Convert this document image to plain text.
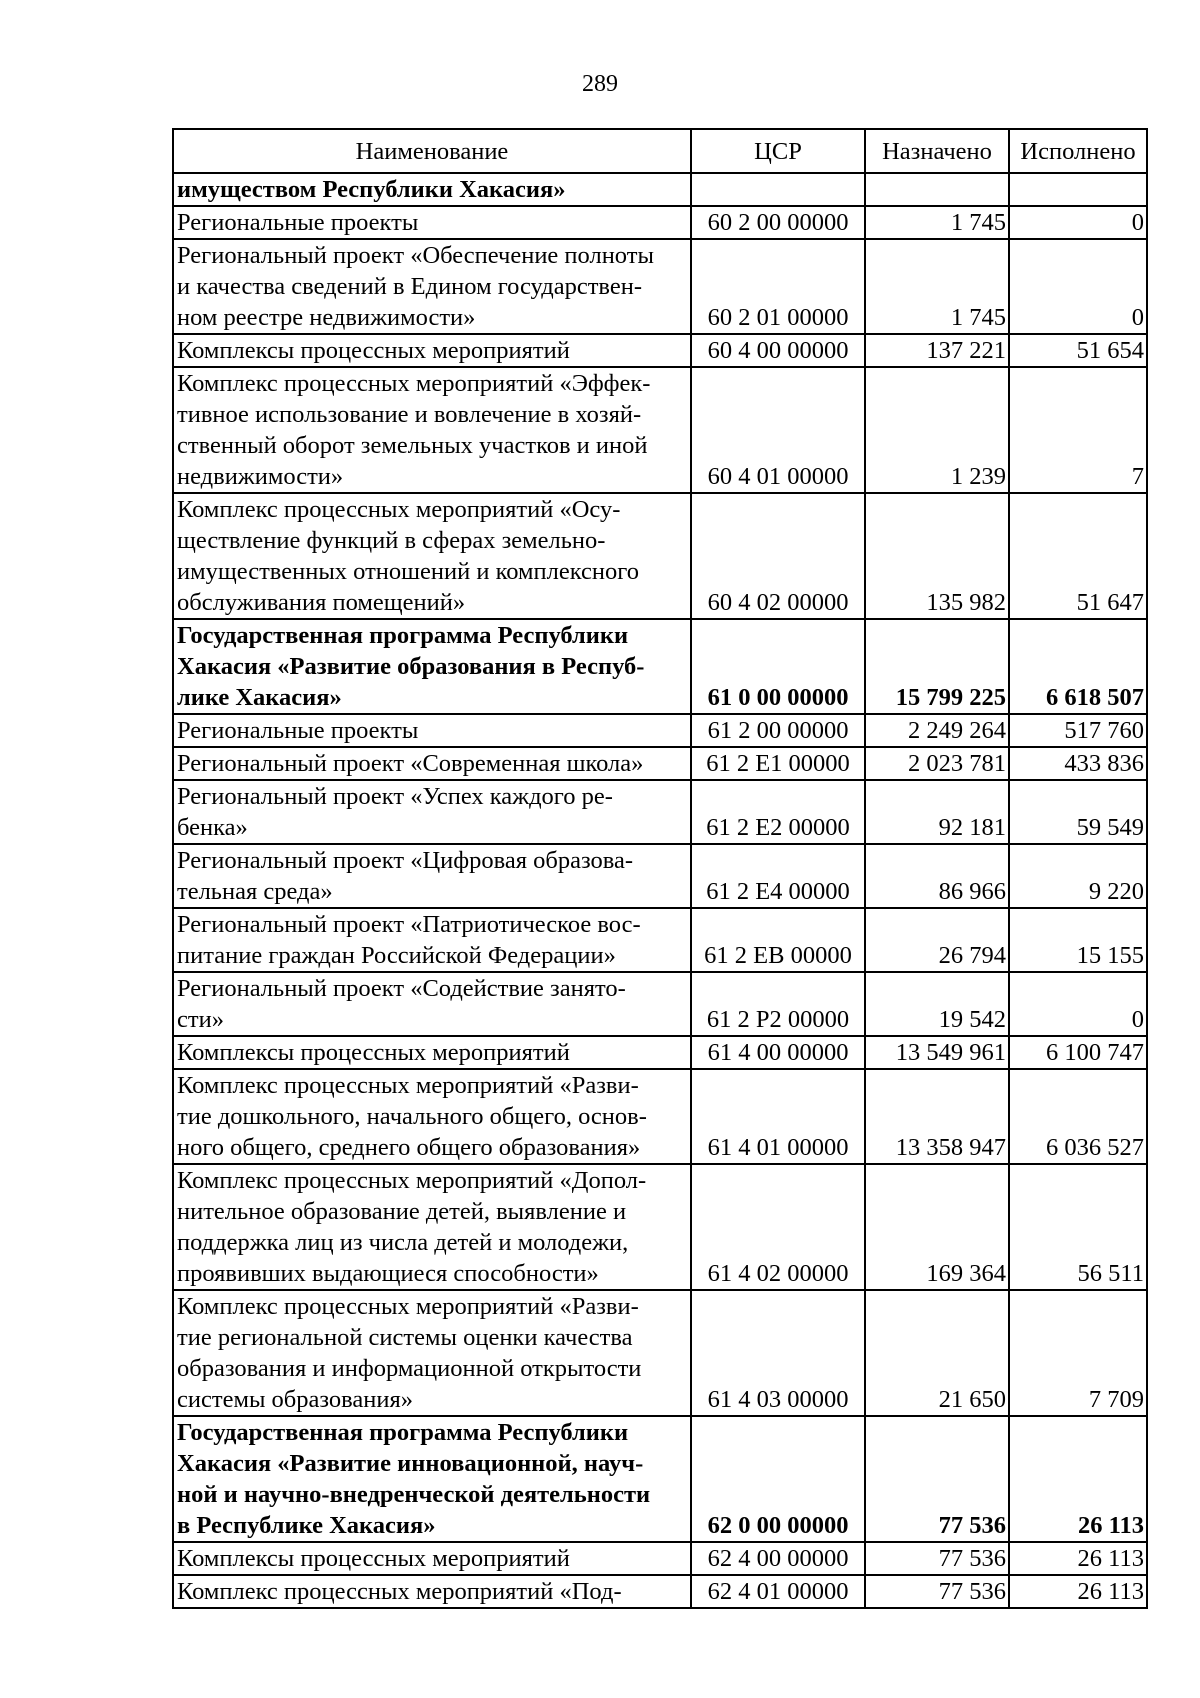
289
Наименование	ЦСР	Назначено	Исполнено
имуществом Республики Хакасия»			
Региональные проекты	60 2 00 00000	1 745	0
Региональный проект «Обеспечение полноты
и качества сведений в Едином государствен-
ном реестре недвижимости»	60 2 01 00000	1 745	0
Комплексы процессных мероприятий	60 4 00 00000	137 221	51 654
Комплекс процессных мероприятий «Эффек-
тивное использование и вовлечение в хозяй-
ственный оборот земельных участков и иной
недвижимости»	60 4 01 00000	1 239	7
Комплекс процессных мероприятий «Осу-
ществление функций в сферах земельно-
имущественных отношений и комплексного
обслуживания помещений»	60 4 02 00000	135 982	51 647
Государственная программа Республики
Хакасия «Развитие образования в Респуб-
лике Хакасия»	61 0 00 00000	15 799 225	6 618 507
Региональные проекты	61 2 00 00000	2 249 264	517 760
Региональный проект «Современная школа»	61 2 E1 00000	2 023 781	433 836
Региональный проект «Успех каждого ре-
бенка»	61 2 E2 00000	92 181	59 549
Региональный проект «Цифровая образова-
тельная среда»	61 2 E4 00000	86 966	9 220
Региональный проект «Патриотическое вос-
питание граждан Российской Федерации»	61 2 EB 00000	26 794	15 155
Региональный проект «Содействие занято-
сти»	61 2 P2 00000	19 542	0
Комплексы процессных мероприятий	61 4 00 00000	13 549 961	6 100 747
Комплекс процессных мероприятий «Разви-
тие дошкольного, начального общего, основ-
ного общего, среднего общего образования»	61 4 01 00000	13 358 947	6 036 527
Комплекс процессных мероприятий «Допол-
нительное образование детей, выявление и
поддержка лиц из числа детей и молодежи,
проявивших выдающиеся способности»	61 4 02 00000	169 364	56 511
Комплекс процессных мероприятий «Разви-
тие региональной системы оценки качества
образования и информационной открытости
системы образования»	61 4 03 00000	21 650	7 709
Государственная программа Республики
Хакасия «Развитие инновационной, науч-
ной и научно-внедренческой деятельности
в Республике Хакасия»	62 0 00 00000	77 536	26 113
Комплексы процессных мероприятий	62 4 00 00000	77 536	26 113
Комплекс процессных мероприятий «Под-	62 4 01 00000	77 536	26 113
